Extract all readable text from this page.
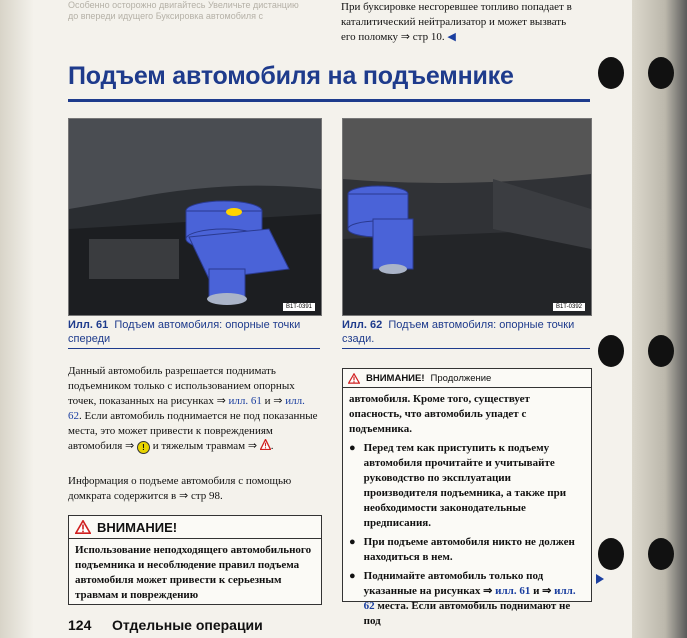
Особенно осторожно двигайтесь Увеличьте дистанцию до впереди идущего Буксировка автомобиля с
При буксировке несгоревшее топливо попадает в
каталитический нейтрализатор и может вызвать
его поломку ⇒ стр 10. ◀
Подъем автомобиля на подъемнике
B1T-0391
Илл. 61 Подъем автомобиля: опорные точки спереди
B1T-0392
Илл. 62 Подъем автомобиля: опорные точки сзади.
Данный автомобиль разрешается поднимать подъемником только с использованием опорных точек, показанных на рисунках ⇒ илл. 61 и ⇒ илл. 62. Если автомобиль поднимается не под показанные места, это может привести к повреждениям автомобиля ⇒ ! и тяжелым травмам ⇒ .
Информация о подъеме автомобиля с помощью домкрата содержится в ⇒ стр 98.
ВНИМАНИЕ!
Использование неподходящего автомобильного подъемника и несоблюдение правил подъема автомобиля может привести к серьезным травмам и повреждению
ВНИМАНИЕ! Продолжение

автомобиля. Кроме того, существует опасность, что автомобиль упадет с подъемника.

● Перед тем как приступить к подъему автомобиля прочитайте и учитывайте руководство по эксплуатации производителя подъемника, а также при необходимости законодательные предписания.
● При подъеме автомобиля никто не должен находиться в нем.
● Поднимайте автомобиль только под указанные на рисунках ⇒ илл. 61 и ⇒ илл. 62 места. Если автомобиль поднимают не под
124 Отдельные операции
